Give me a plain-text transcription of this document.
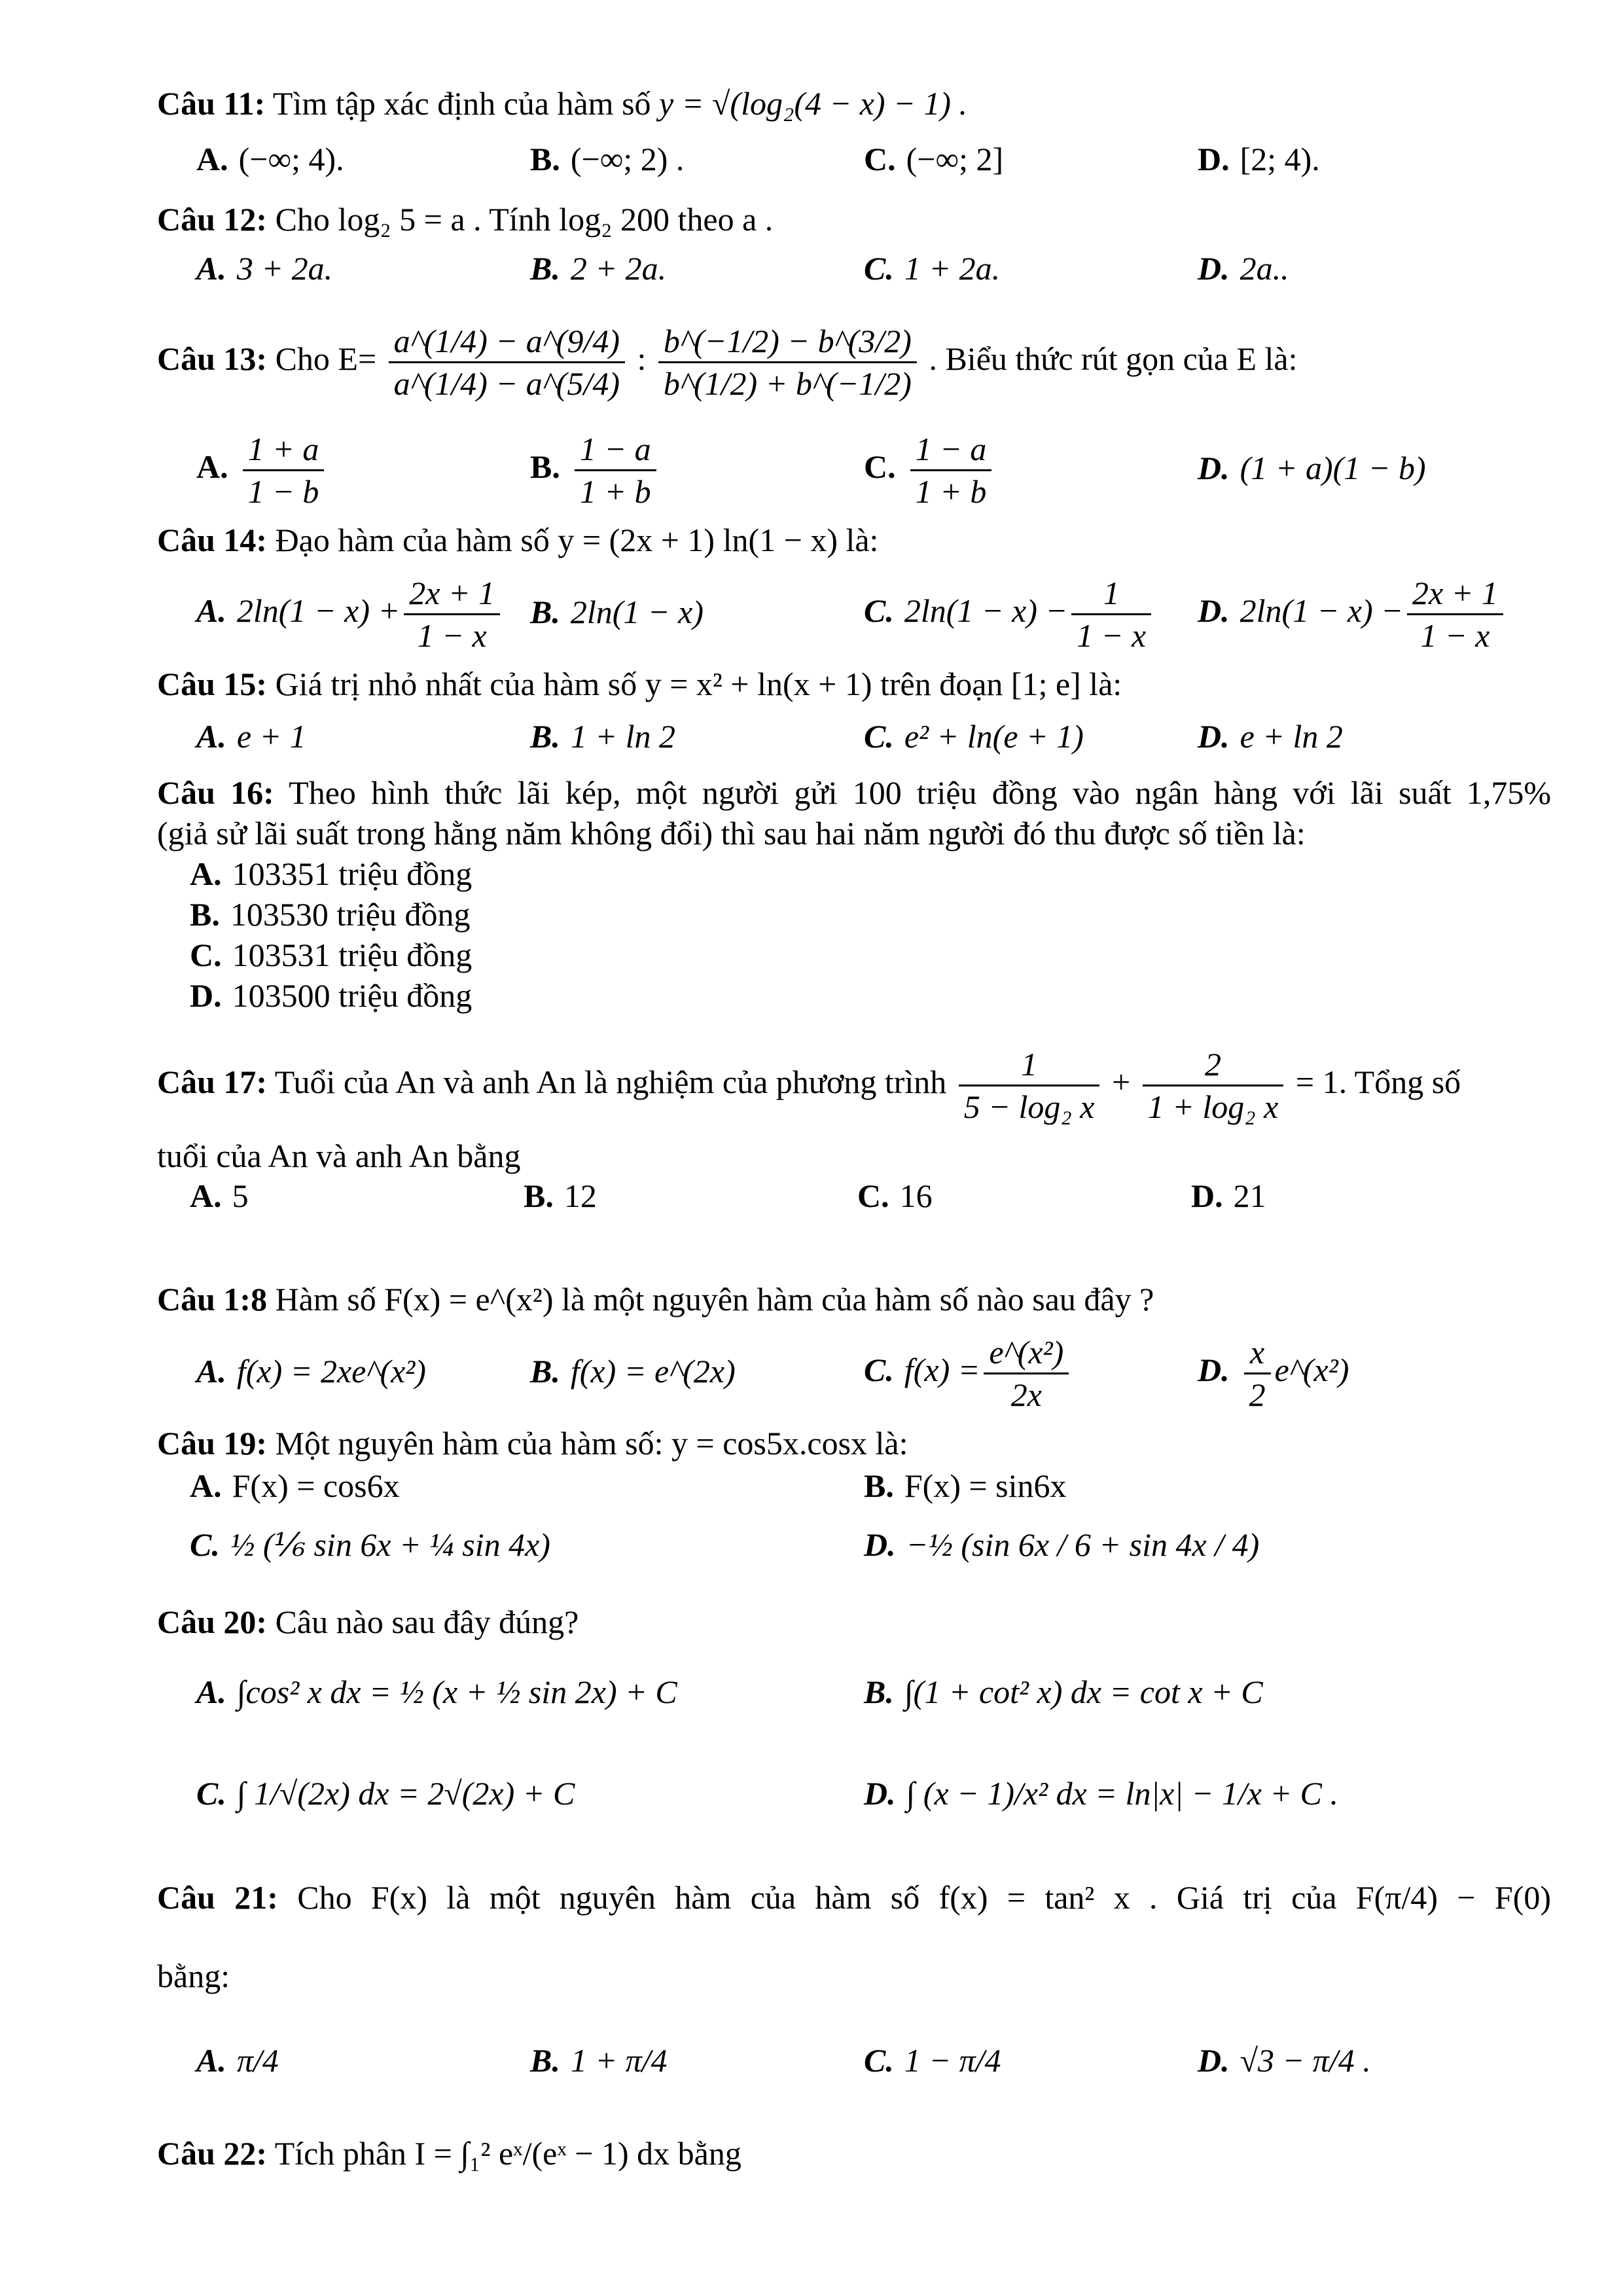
Câu 11: Tìm tập xác định của hàm số y = √(log₂(4 − x) − 1) .
A. (−∞; 4).	B. (−∞; 2) .	C. (−∞; 2]	D. [2; 4).
Câu 12: Cho log₂ 5 = a . Tính log₂ 200 theo a .
A. 3 + 2a.	B. 2 + 2a.	C. 1 + 2a.	D. 2a..
Câu 13: Cho $E= \frac{a\^{}(1/4) - a\^{}(9/4)}{a\^{}(1/4) - a\^{}(5/4)}$ : $\frac{b\^{}(-1/2) - b\^{}(3/2)}{b\^{}(1/2) + b\^{}(-1/2)}$ . Biểu thức rút gọn của E là:
A. $\frac{1 + a}{1 - b}$	B. $\frac{1 - a}{1 + b}$	C. $\frac{1 - a}{1 + b}$	D. (1 + a)(1 − b)
Câu 14: Đạo hàm của hàm số y = (2x + 1) ln(1 − x) là:
A. $2\ln(1 - x) + \frac{2x + 1}{1 - x} B$. 2ln(1 − x)	C. $2\ln(1 - x) - \frac{1}{1 - x} D$. $2\ln(1 - x) - \frac{2x + 1}{1 - x}$
Câu 15: Giá trị nhỏ nhất của hàm số y = x² + ln(x + 1) trên đoạn [1; e] là:
A. e + 1	B. 1 + ln 2	C. e² + ln(e + 1)	D. e + ln 2
Câu 16: Theo hình thức lãi kép, một người gửi 100 triệu đồng vào ngân hàng với lãi suất 1,75%
(giả sử lãi suất trong hằng năm không đổi) thì sau hai năm người đó thu được số tiền là:
A. 103351 triệu đồng
B. 103530 triệu đồng
C. 103531 triệu đồng
D. 103500 triệu đồng
Câu 17: Tuổi của An và anh An là nghiệm của phương trình $\frac{1}{\text{5 − log₂ x}} + \frac{2}{\text{1 + log₂ x}} = 1$. Tổng số
tuổi của An và anh An bằng
A. 5	B. 12	C. 16	D. 21
Câu 1:8 Hàm số F(x) = e^(x²) là một nguyên hàm của hàm số nào sau đây ?
A. f(x) = 2xe^(x²)	B. f(x) = e^(2x)	C. $f(x) = \frac{\text{e\textasciicircum{}(x²)}}{2x}$	D. $\frac{x}{2}$ e^(x²)
Câu 19: Một nguyên hàm của hàm số: y = cos5x.cosx là:
A. F(x) = cos6x	B. F(x) = sin6x
C. ½ (⅙ sin 6x + ¼ sin 4x)	D. −½ (sin 6x / 6 + sin 4x / 4)
Câu 20: Câu nào sau đây đúng?
A. ∫cos² x dx = ½ (x + ½ sin 2x) + C	B. ∫(1 + cot² x) dx = cot x + C
C. ∫ 1/√(2x) dx = 2√(2x) + C	D. ∫ (x − 1)/x² dx = ln|x| − 1/x + C .
Câu 21: Cho F(x) là một nguyên hàm của hàm số f(x) = tan² x . Giá trị của F(π/4) − F(0)
bằng:
A. π/4	B. 1 + π/4	C. 1 − π/4	D. √3 − π/4 .
Câu 22: Tích phân I = ∫₁² eˣ/(eˣ − 1) dx bằng
